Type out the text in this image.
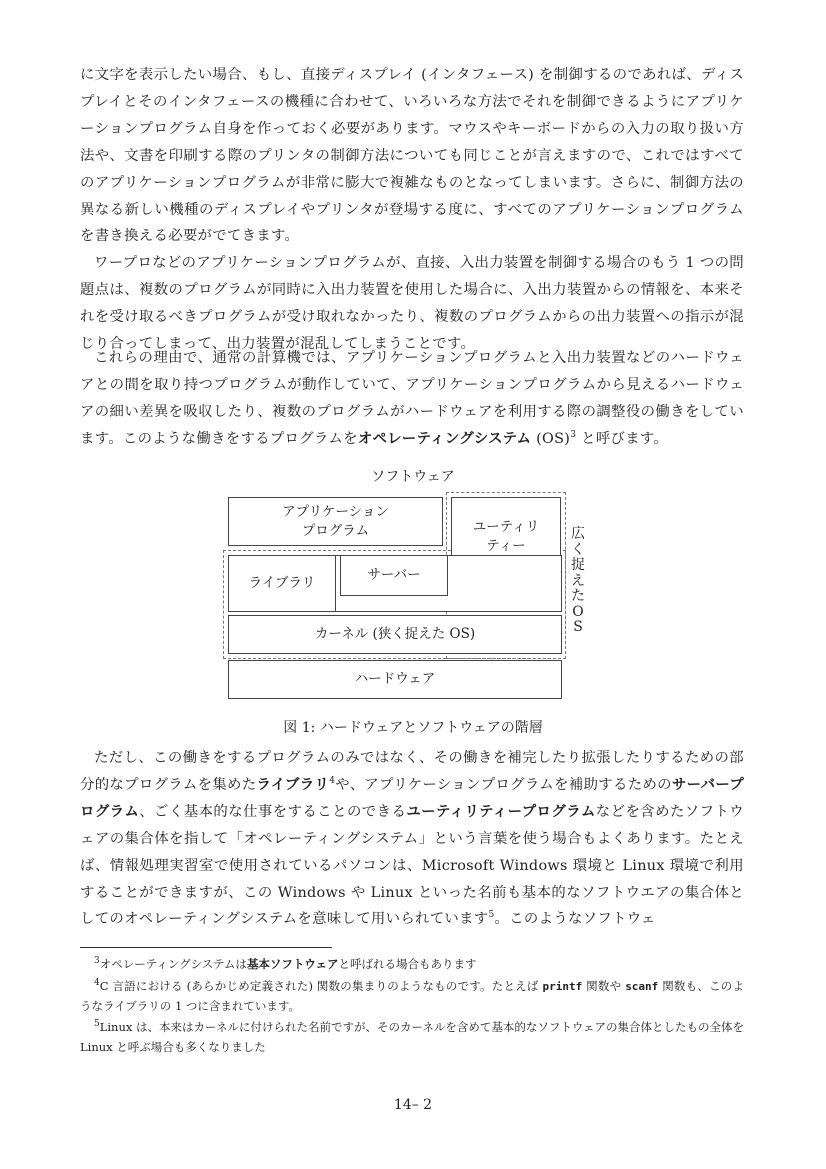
に文字を表示したい場合、もし、直接ディスプレイ (インタフェース) を制御するのであれば、ディスプレイとそのインタフェースの機種に合わせて、いろいろな方法でそれを制御できるようにアプリケーションプログラム自身を作っておく必要があります。マウスやキーボードからの入力の取り扱い方法や、文書を印刷する際のプリンタの制御方法についても同じことが言えますので、これではすべてのアプリケーションプログラムが非常に膨大で複雑なものとなってしまいます。さらに、制御方法の異なる新しい機種のディスプレイやプリンタが登場する度に、すべてのアプリケーションプログラムを書き換える必要がでてきます。

ワープロなどのアプリケーションプログラムが、直接、入出力装置を制御する場合のもう 1 つの問題点は、複数のプログラムが同時に入出力装置を使用した場合に、入出力装置からの情報を、本来それを受け取るべきプログラムが受け取れなかったり、複数のプログラムからの出力装置への指示が混じり合ってしまって、出力装置が混乱してしまうことです。

これらの理由で、通常の計算機では、アプリケーションプログラムと入出力装置などのハードウェアとの間を取り持つプログラムが動作していて、アプリケーションプログラムから見えるハードウェアの細い差異を吸収したり、複数のプログラムがハードウェアを利用する際の調整役の働きをしています。このような働きをするプログラムをオペレーティングシステム (OS)$^3$ と呼びます。

ソフトウェア
アプリケーション
プログラム	ユーティリ
ティー

ライブラリ	サーバー
カーネル (狭く捉えた OS)
ハードウェア
広
く
捉
え
た
O
S
図 1: ハードウェアとソフトウェアの階層

ただし、この働きをするプログラムのみではなく、その働きを補完したり拡張したりするための部分的なプログラムを集めたライブラリ$^4$や、アプリケーションプログラムを補助するためのサーバープログラム、ごく基本的な仕事をすることのできるユーティリティープログラムなどを含めたソフトウェアの集合体を指して「オペレーティングシステム」という言葉を使う場合もよくあります。たとえば、情報処理実習室で使用されているパソコンは、Microsoft Windows 環境と Linux 環境で利用することができますが、この Windows や Linux といった名前も基本的なソフトウエアの集合体としてのオペレーティングシステムを意味して用いられています$^5$。このようなソフトウェ

$^3$オペレーティングシステムは基本ソフトウェアと呼ばれる場合もあります

$^4$C 言語における (あらかじめ定義された) 関数の集まりのようなものです。たとえば printf 関数や scanf 関数も、このようなライブラリの 1 つに含まれています。

$^5$Linux は、本来はカーネルに付けられた名前ですが、そのカーネルを含めて基本的なソフトウェアの集合体としたもの全体を Linux と呼ぶ場合も多くなりました

14– 2
